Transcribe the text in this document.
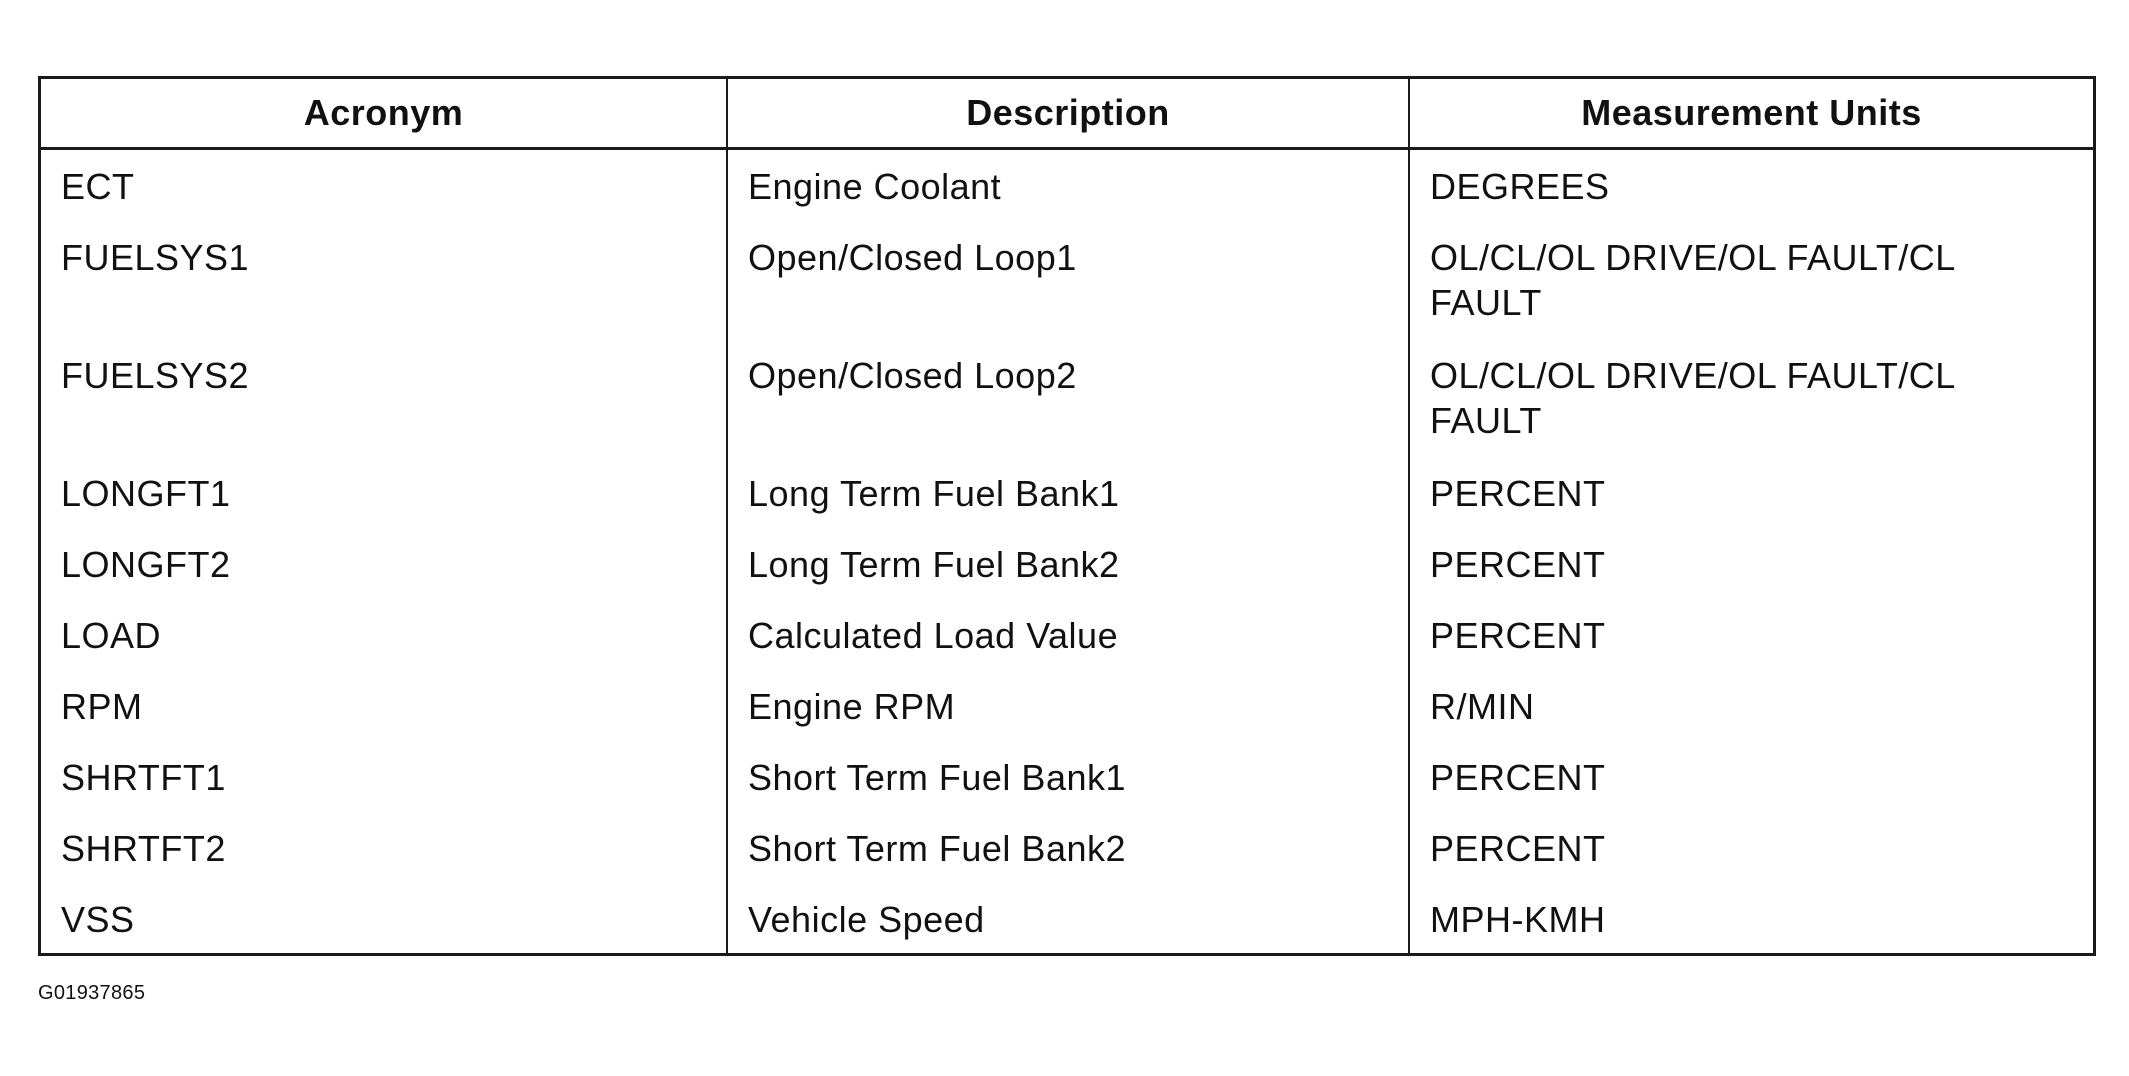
Acronym	Description	Measurement Units
ECT	Engine Coolant	DEGREES
FUELSYS1	Open/Closed Loop1	OL/CL/OL DRIVE/OL FAULT/CL FAULT
FUELSYS2	Open/Closed Loop2	OL/CL/OL DRIVE/OL FAULT/CL FAULT
LONGFT1	Long Term Fuel Bank1	PERCENT
LONGFT2	Long Term Fuel Bank2	PERCENT
LOAD	Calculated Load Value	PERCENT
RPM	Engine RPM	R/MIN
SHRTFT1	Short Term Fuel Bank1	PERCENT
SHRTFT2	Short Term Fuel Bank2	PERCENT
VSS	Vehicle Speed	MPH-KMH
G01937865
